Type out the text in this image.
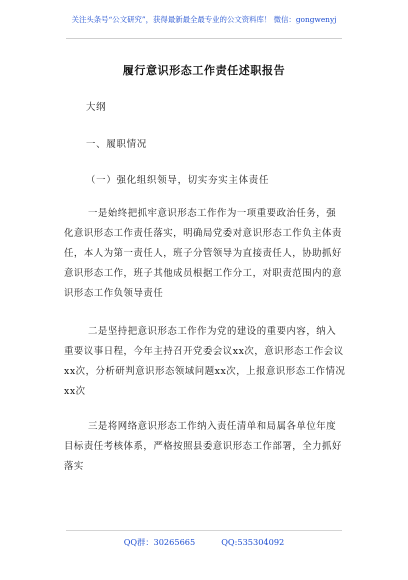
关注头条号“公文研究”，获得最新最全最专业的公文资料库！ 微信：gongwenyj
履行意识形态工作责任述职报告
大纲
一、履职情况
（一）强化组织领导，切实夯实主体责任

一是始终把抓牢意识形态工作作为一项重要政治任务，强化意识形态工作责任落实，明确局党委对意识形态工作负主体责任，本人为第一责任人，班子分管领导为直接责任人，协助抓好意识形态工作，班子其他成员根据工作分工，对职责范围内的意识形态工作负领导责任

二是坚持把意识形态工作作为党的建设的重要内容，纳入重要议事日程，今年主持召开党委会议xx次，意识形态工作会议xx次，分析研判意识形态领域问题xx次，上报意识形态工作情况xx次

三是将网络意识形态工作纳入责任清单和局属各单位年度目标责任考核体系，严格按照县委意识形态工作部署，全力抓好落实

QQ群：30265665	QQ:535304092
